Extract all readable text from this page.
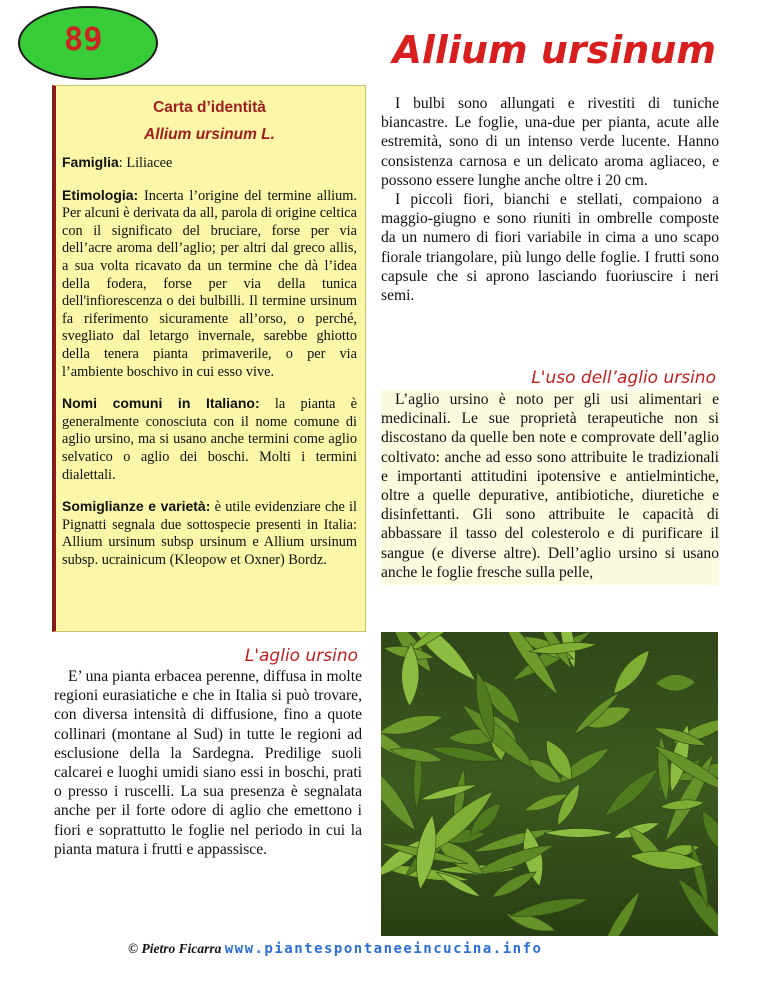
89	Allium ursinum
Carta d’identità
Allium ursinum L.

Famiglia: Liliacee

Etimologia: Incerta l’origine del termine allium. Per alcuni è derivata da all, parola di origine celtica con il significato del bruciare, forse per via dell’acre aroma dell’aglio; per altri dal greco allis, a sua volta ricavato da un termine che dà l’idea della fodera, forse per via della tunica dell'infiorescenza o dei bulbilli. Il termine ursinum fa riferimento sicuramente all’orso, o perché, svegliato dal letargo invernale, sarebbe ghiotto della tenera pianta primaverile, o per via l’ambiente boschivo in cui esso vive.

Nomi comuni in Italiano: la pianta è generalmente conosciuta con il nome comune di aglio ursino, ma si usano anche termini come aglio selvatico o aglio dei boschi. Molti i termini dialettali.

Somiglianze e varietà: è utile evidenziare che il Pignatti segnala due sottospecie presenti in Italia: Allium ursinum subsp ursinum e Allium ursinum subsp. ucrainicum (Kleopow et Oxner) Bordz.

L'aglio ursino

E’ una pianta erbacea perenne, diffusa in molte regioni eurasiatiche e che in Italia si può trovare, con diversa intensità di diffusione, fino a quote collinari (montane al Sud) in tutte le regioni ad esclusione della la Sardegna. Predilige suoli calcarei e luoghi umidi siano essi in boschi, prati o presso i ruscelli. La sua presenza è segnalata anche per il forte odore di aglio che emettono i fiori e soprattutto le foglie nel periodo in cui la pianta matura i frutti e appassisce.

I bulbi sono allungati e rivestiti di tuniche biancastre. Le foglie, una-due per pianta, acute alle estremità, sono di un intenso verde lucente. Hanno consistenza carnosa e un delicato aroma agliaceo, e possono essere lunghe anche oltre i 20 cm.

I piccoli fiori, bianchi e stellati, compaiono a maggio-giugno e sono riuniti in ombrelle composte da un numero di fiori variabile in cima a uno scapo fiorale triangolare, più lungo delle foglie. I frutti sono capsule che si aprono lasciando fuoriuscire i neri semi.

L'uso dell’aglio ursino

L’aglio ursino è noto per gli usi alimentari e medicinali. Le sue proprietà terapeutiche non si discostano da quelle ben note e comprovate dell’aglio coltivato: anche ad esso sono attribuite le tradizionali e importanti attitudini ipotensive e antielmintiche, oltre a quelle depurative, antibiotiche, diuretiche e disinfettanti. Gli sono attribuite le capacità di abbassare il tasso del colesterolo e di purificare il sangue (e diverse altre). Dell’aglio ursino si usano anche le foglie fresche sulla pelle,

© Pietro Ficarra www.piantespontaneeincucina.info
